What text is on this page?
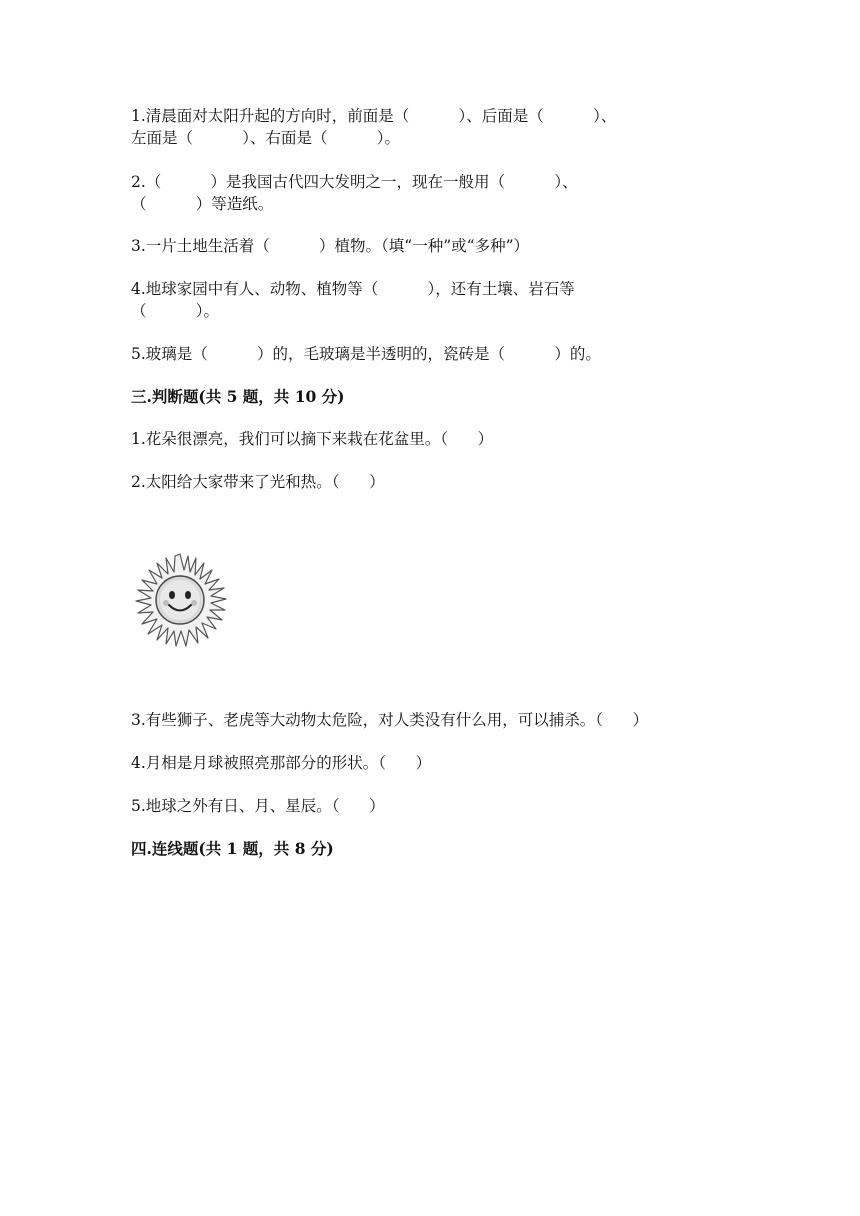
1.清晨面对太阳升起的方向时，前面是（          ）、后面是（          ）、
左面是（          ）、右面是（          ）。
2.（          ）是我国古代四大发明之一，现在一般用（          ）、
（          ）等造纸。
3.一片土地生活着（          ）植物。（填“一种”或“多种”）
4.地球家园中有人、动物、植物等（          ），还有土壤、岩石等
（          ）。
5.玻璃是（          ）的，毛玻璃是半透明的，瓷砖是（          ）的。
三.判断题(共 5 题，共 10 分)
1.花朵很漂亮，我们可以摘下来栽在花盆里。（      ）
2.太阳给大家带来了光和热。（      ）
3.有些狮子、老虎等大动物太危险，对人类没有什么用，可以捕杀。（      ）
4.月相是月球被照亮那部分的形状。（      ）
5.地球之外有日、月、星辰。（      ）
四.连线题(共 1 题，共 8 分)
